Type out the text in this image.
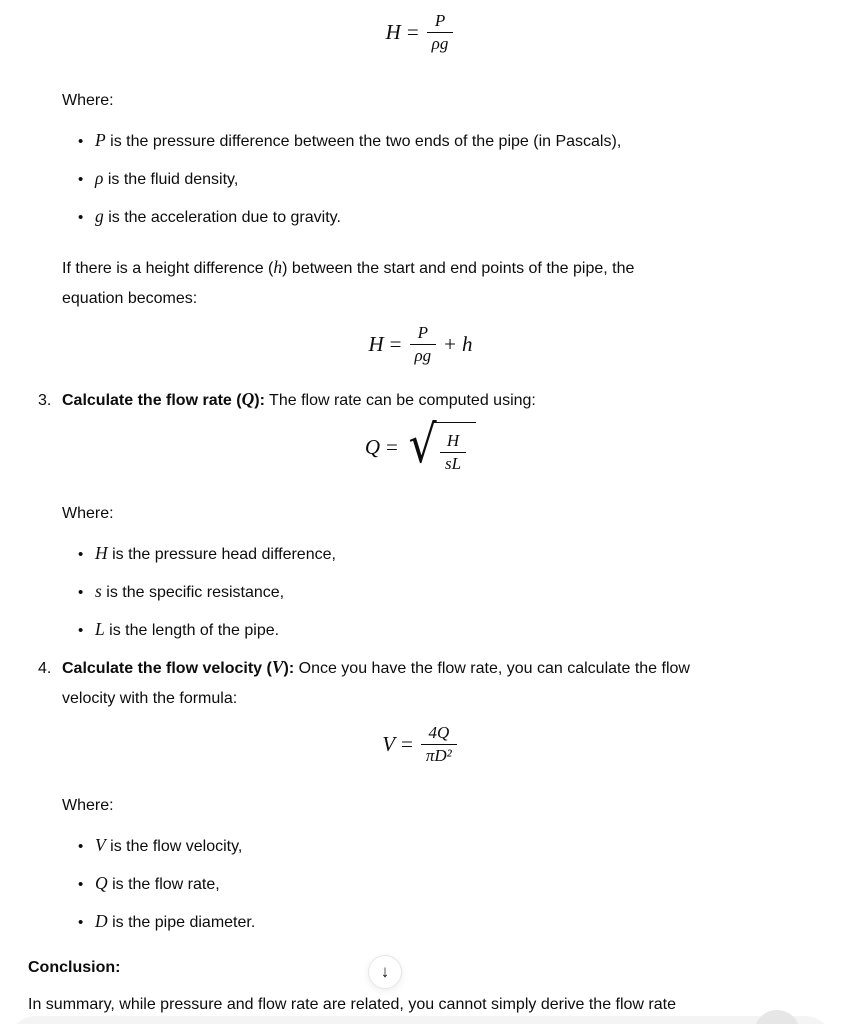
$H = \frac{P}{\rho g}$
Where:
•
P is the pressure difference between the two ends of the pipe (in Pascals),
•
ρ is the fluid density,
•
g is the acceleration due to gravity.
If there is a height difference (h) between the start and end points of the pipe, the
equation becomes:
$H = \frac{P}{\rho g} + h$
3. Calculate the flow rate (Q): The flow rate can be computed using:
Q = √ $\frac{H}{sL}$
Where:
•
H is the pressure head difference,
•
s is the specific resistance,
•
L is the length of the pipe.
4. Calculate the flow velocity (V): Once you have the flow rate, you can calculate the flow
velocity with the formula:
$V = \frac{4Q}{\text{πD²}}$
Where:
•
V is the flow velocity,
•
Q is the flow rate,
•
D is the pipe diameter.
Conclusion:	↓
In summary, while pressure and flow rate are related, you cannot simply derive the flow rate
